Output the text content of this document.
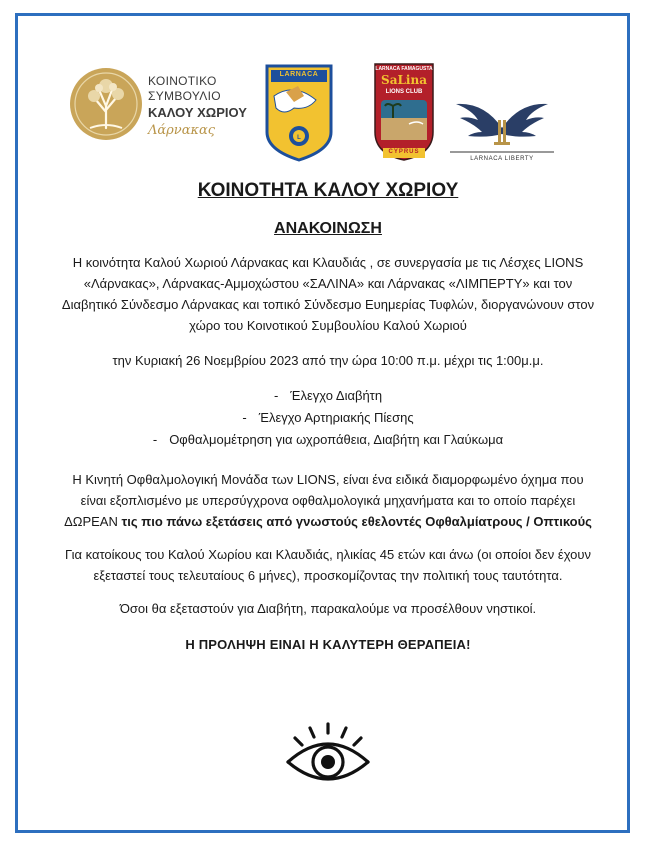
ΚΟΙΝΟΤΙΚΟ
ΣΥΜΒΟΥΛΙΟ
ΚΑΛΟΥ ΧΩΡΙΟΥ
Λάρνακας	L
LARNACA
LARNACA FAMAGUSTA
SaLina
LIONS CLUB
CYPRUS
LARNACA LIBERTY
ΚΟΙΝΟΤΗΤΑ ΚΑΛΟΥ ΧΩΡΙΟΥ
ΑΝΑΚΟΙΝΩΣΗ

Η κοινότητα Καλού Χωριού Λάρνακας και Κλαυδιάς , σε συνεργασία με τις Λέσχες LIONS «Λάρνακας», Λάρνακας-Αμμοχώστου «ΣΑΛΙΝΑ» και Λάρνακας «ΛΙΜΠΕΡΤΥ» και τον Διαβητικό Σύνδεσμο Λάρνακας και τοπικό Σύνδεσμο Ευημερίας Τυφλών, διοργανώνουν στον χώρο του Κοινοτικού Συμβουλίου Καλού Χωριού

την Κυριακή 26 Νοεμβρίου 2023 από την ώρα 10:00 π.μ. μέχρι τις 1:00μ.μ.

- Έλεγχο Διαβήτη
- Έλεγχο Αρτηριακής Πίεσης
- Οφθαλμομέτρηση για ωχροπάθεια, Διαβήτη και Γλαύκωμα

Η Κινητή Οφθαλμολογική Μονάδα των LIONS, είναι ένα ειδικά διαμορφωμένο όχημα που είναι εξοπλισμένο με υπερσύγχρονα οφθαλμολογικά μηχανήματα και το οποίο παρέχει ΔΩΡΕΑΝ τις πιο πάνω εξετάσεις από γνωστούς εθελοντές Οφθαλμίατρους / Οπτικούς

Για κατοίκους του Καλού Χωρίου και Κλαυδιάς, ηλικίας 45 ετών και άνω (οι οποίοι δεν έχουν εξεταστεί τους τελευταίους 6 μήνες), προσκομίζοντας την πολιτική τους ταυτότητα.

Όσοι θα εξεταστούν για Διαβήτη, παρακαλούμε να προσέλθουν νηστικοί.

Η ΠΡΟΛΗΨΗ ΕΙΝΑΙ Η ΚΑΛΥΤΕΡΗ ΘΕΡΑΠΕΙΑ!
